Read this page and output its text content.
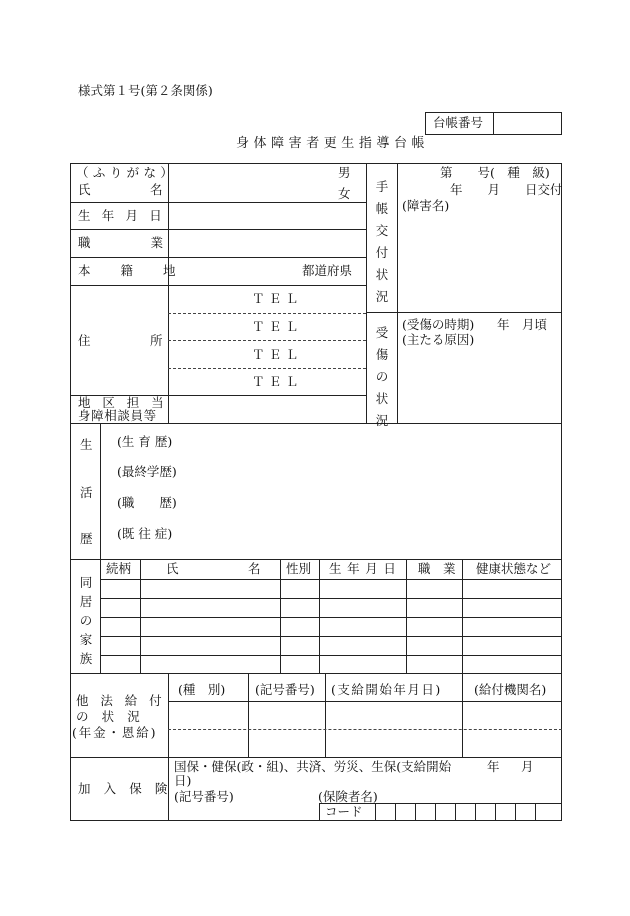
様式第１号(第２条関係)
台帳番号
身体障害者更生指導台帳
（ふりがな）
氏	名
男
女
生年月日
職　業
本籍地	都道府県
住	所
ＴＥＬ
ＴＥＬ
ＴＥＬ
ＴＥＬ
地区担当
身障相談員等
手帳交付状況
第　　号(　種　級)
年　　月　　日交付
(障害名)
受傷の状況
(受傷の時期) 年　月頃
(主たる原因)
生
活
歴
(生 育 歴)
(最終学歴)
(職　　歴)
(既 往 症)
同居の家族
続柄	氏	名 性別 生年月日 職　業 健康状態など
他法給付
の状況
(年金・恩給)
(種　別) (記号番号) (支給開始年月日)	(給付機関名)
加入保険
国保・健保(政・組)、共済、労災、生保(支給開始	年 月
日)
(記号番号)	(保険者名)
コード
